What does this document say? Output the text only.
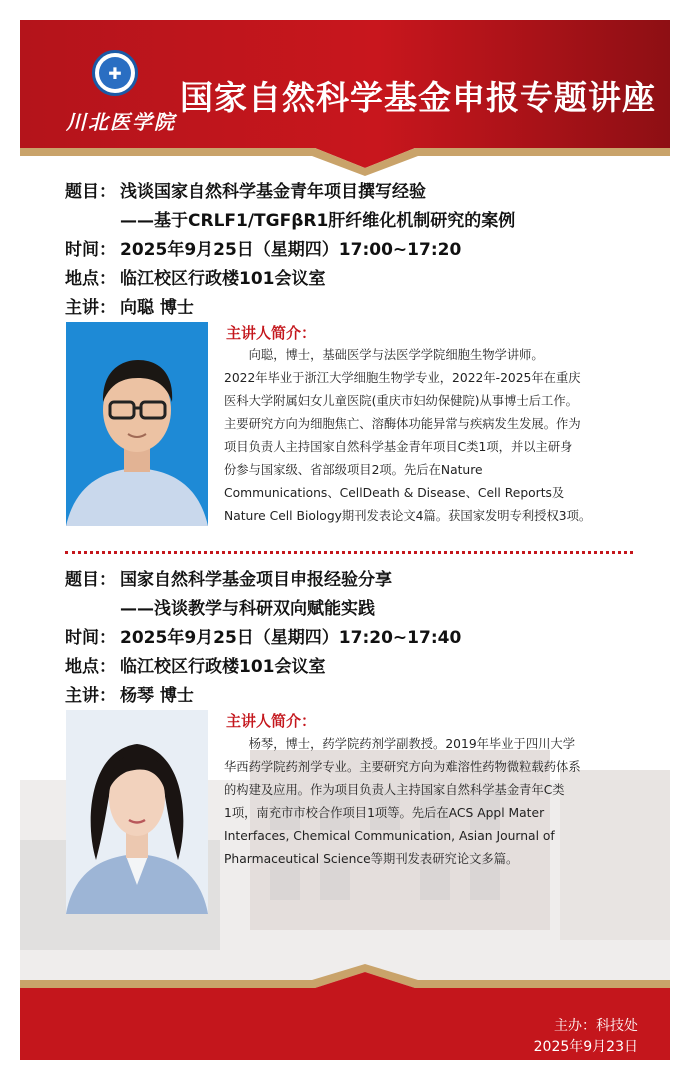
✚
川北医学院
国家自然科学基金申报专题讲座
题目： 浅谈国家自然科学基金青年项目撰写经验
——基于CRLF1/TGFβR1肝纤维化机制研究的案例
时间： 2025年9月25日（星期四）17:00~17:20
地点： 临江校区行政楼101会议室
主讲： 向聪 博士
主讲人简介：
向聪，博士，基础医学与法医学学院细胞生物学讲师。
2022年毕业于浙江大学细胞生物学专业，2022年-2025年在重庆
医科大学附属妇女儿童医院(重庆市妇幼保健院)从事博士后工作。
主要研究方向为细胞焦亡、溶酶体功能异常与疾病发生发展。作为
项目负责人主持国家自然科学基金青年项目C类1项，并以主研身
份参与国家级、省部级项目2项。先后在Nature
Communications、CellDeath & Disease、Cell Reports及
Nature Cell Biology期刊发表论文4篇。获国家发明专利授权3项。
题目： 国家自然科学基金项目申报经验分享
——浅谈教学与科研双向赋能实践
时间： 2025年9月25日（星期四）17:20~17:40
地点： 临江校区行政楼101会议室
主讲： 杨琴 博士
主讲人简介：
杨琴，博士，药学院药剂学副教授。2019年毕业于四川大学
华西药学院药剂学专业。主要研究方向为难溶性药物微粒载药体系
的构建及应用。作为项目负责人主持国家自然科学基金青年C类
1项，南充市市校合作项目1项等。先后在ACS Appl Mater
Interfaces, Chemical Communication, Asian Journal of
Pharmaceutical Science等期刊发表研究论文多篇。
主办：科技处
2025年9月23日
